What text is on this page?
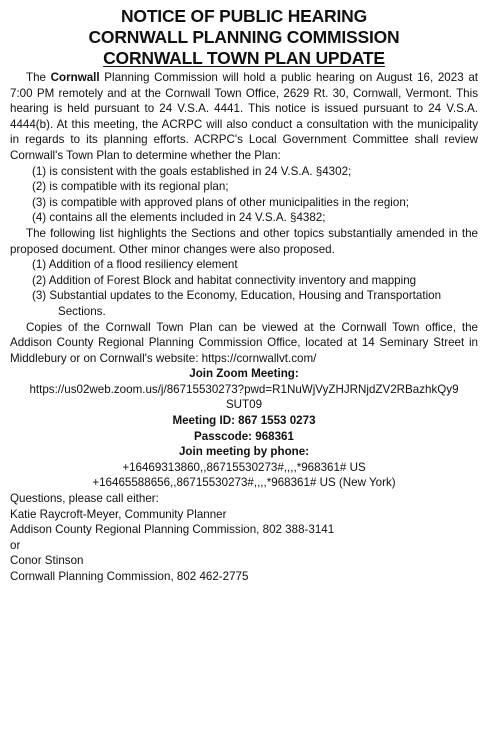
NOTICE OF PUBLIC HEARING
CORNWALL PLANNING COMMISSION
CORNWALL TOWN PLAN UPDATE

The Cornwall Planning Commission will hold a public hearing on August 16, 2023 at 7:00 PM remotely and at the Cornwall Town Office, 2629 Rt. 30, Cornwall, Vermont. This hearing is held pursuant to 24 V.S.A. 4441. This notice is issued pursuant to 24 V.S.A. 4444(b). At this meeting, the ACRPC will also conduct a consultation with the municipality in regards to its planning efforts. ACRPC's Local Government Committee shall review Cornwall's Town Plan to determine whether the Plan:

(1) is consistent with the goals established in 24 V.S.A. §4302;

(2) is compatible with its regional plan;

(3) is compatible with approved plans of other municipalities in the region;

(4) contains all the elements included in 24 V.S.A. §4382;

The following list highlights the Sections and other topics substantially amended in the proposed document. Other minor changes were also proposed.

(1) Addition of a flood resiliency element

(2) Addition of Forest Block and habitat connectivity inventory and mapping

(3) Substantial updates to the Economy, Education, Housing and Transportation Sections.

Copies of the Cornwall Town Plan can be viewed at the Cornwall Town office, the Addison County Regional Planning Commission Office, located at 14 Seminary Street in Middlebury or on Cornwall's website: https://cornwallvt.com/

Join Zoom Meeting:

https://us02web.zoom.us/j/86715530273?pwd=R1NuWjVyZHJRNjdZV2RBazhkQy9SUT09

Meeting ID: 867 1553 0273

Passcode: 968361

Join meeting by phone:

+16469313860,,86715530273#,,,,*968361# US

+16465588656,,86715530273#,,,,*968361# US (New York)

Questions, please call either:

Katie Raycroft-Meyer, Community Planner

Addison County Regional Planning Commission, 802 388-3141

or

Conor Stinson

Cornwall Planning Commission, 802 462-2775
